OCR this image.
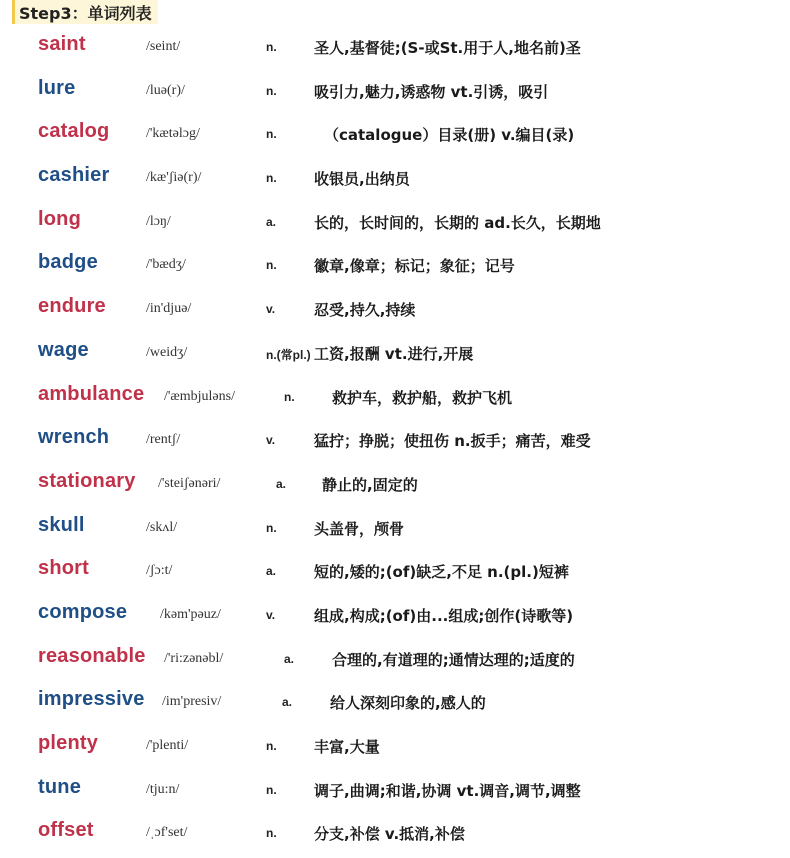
Step3：单词列表
saint	/seint/	n. 圣人,基督徒;(S-或St.用于人,地名前)圣
lure	/luə(r)/	n. 吸引力,魅力,诱惑物 vt.引诱，吸引
catalog	/'kætəlɔg/	n.	（catalogue）目录(册) v.编目(录)
cashier	/kæ'ʃiə(r)/	n. 收银员,出纳员
long	/lɔŋ/	a.	长的，长时间的，长期的 ad.长久，长期地
badge	/'bædʒ/	n. 徽章,像章；标记；象征；记号
endure	/in'djuə/	v.	忍受,持久,持续
wage	/weidʒ/	n.(常pl.) 工资,报酬 vt.进行,开展
ambulance /'æmbjuləns/	n. 救护车，救护船，救护飞机
wrench	/rentʃ/	v.	猛拧；挣脱；使扭伤 n.扳手；痛苦，难受
stationary /'steiʃənəri/	a. 静止的,固定的
skull	/skʌl/	n. 头盖骨，颅骨
short	/ʃɔ:t/	a.	短的,矮的;(of)缺乏,不足 n.(pl.)短裤
compose /kəm'pəuz/	v.	组成,构成;(of)由...组成;创作(诗歌等)
reasonable /'ri:zənəbl/	a.	合理的,有道理的;通情达理的;适度的
impressive /im'presiv/	a.	给人深刻印象的,感人的
plenty	/'plenti/	n. 丰富,大量
tune	/tju:n/	n. 调子,曲调;和谐,协调 vt.调音,调节,调整
offset	/ˌɔf'set/	n. 分支,补偿 v.抵消,补偿
